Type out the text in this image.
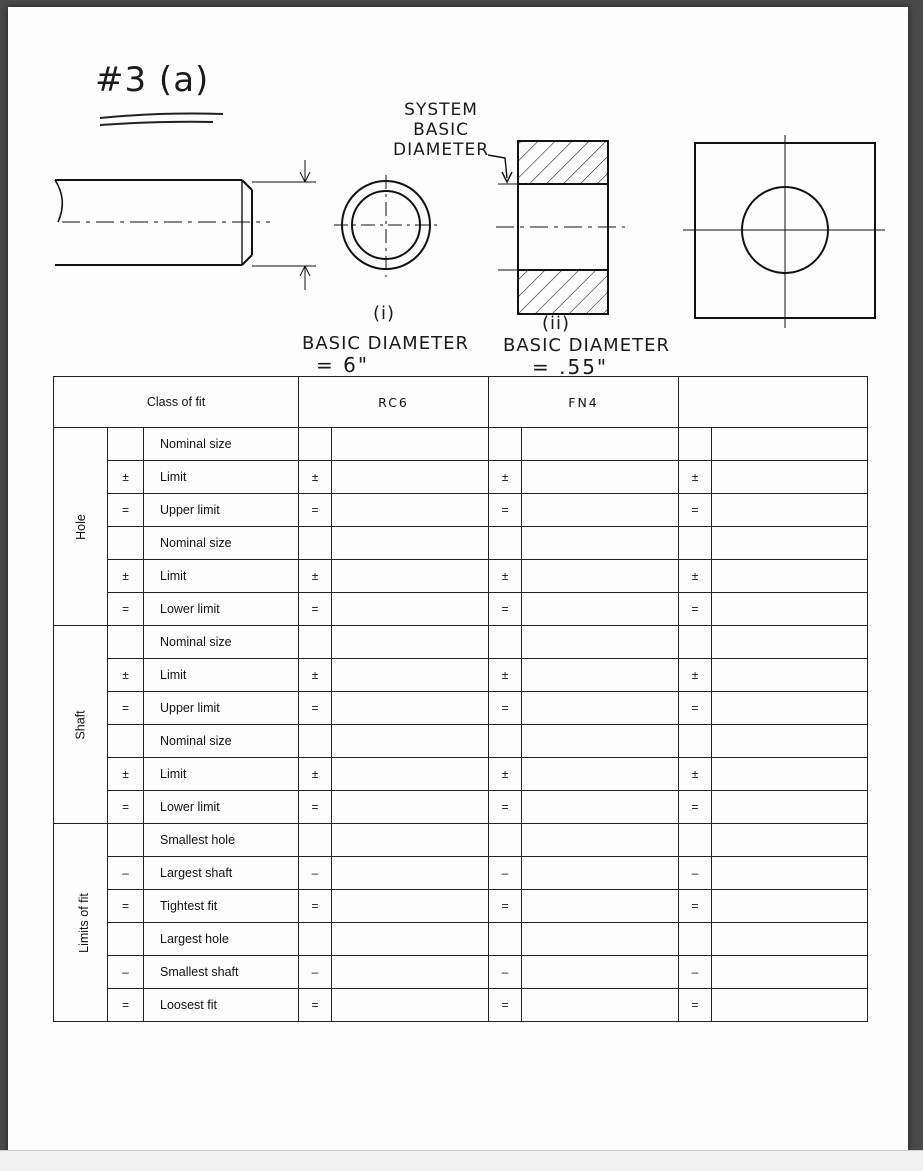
#3 (a)
SYSTEM
BASIC
DIAMETER
(i)
BASIC DIAMETER
= 6"
(ii)
BASIC DIAMETER
= .55"
Class of fit			RC6		FN4			
Hole		Nominal size						
	±	Limit	±		±		±	
	=	Upper limit	=		=		=	
		Nominal size						
	±	Limit	±		±		±	
	=	Lower limit	=		=		=	
Shaft		Nominal size						
	±	Limit	±		±		±	
	=	Upper limit	=		=		=	
		Nominal size						
	±	Limit	±		±		±	
	=	Lower limit	=		=		=	
Limits of fit		Smallest hole						
	–	Largest shaft	–		–		–	
	=	Tightest fit	=		=		=	
		Largest hole						
	–	Smallest shaft	–		–		–	
	=	Loosest fit	=		=		=	
